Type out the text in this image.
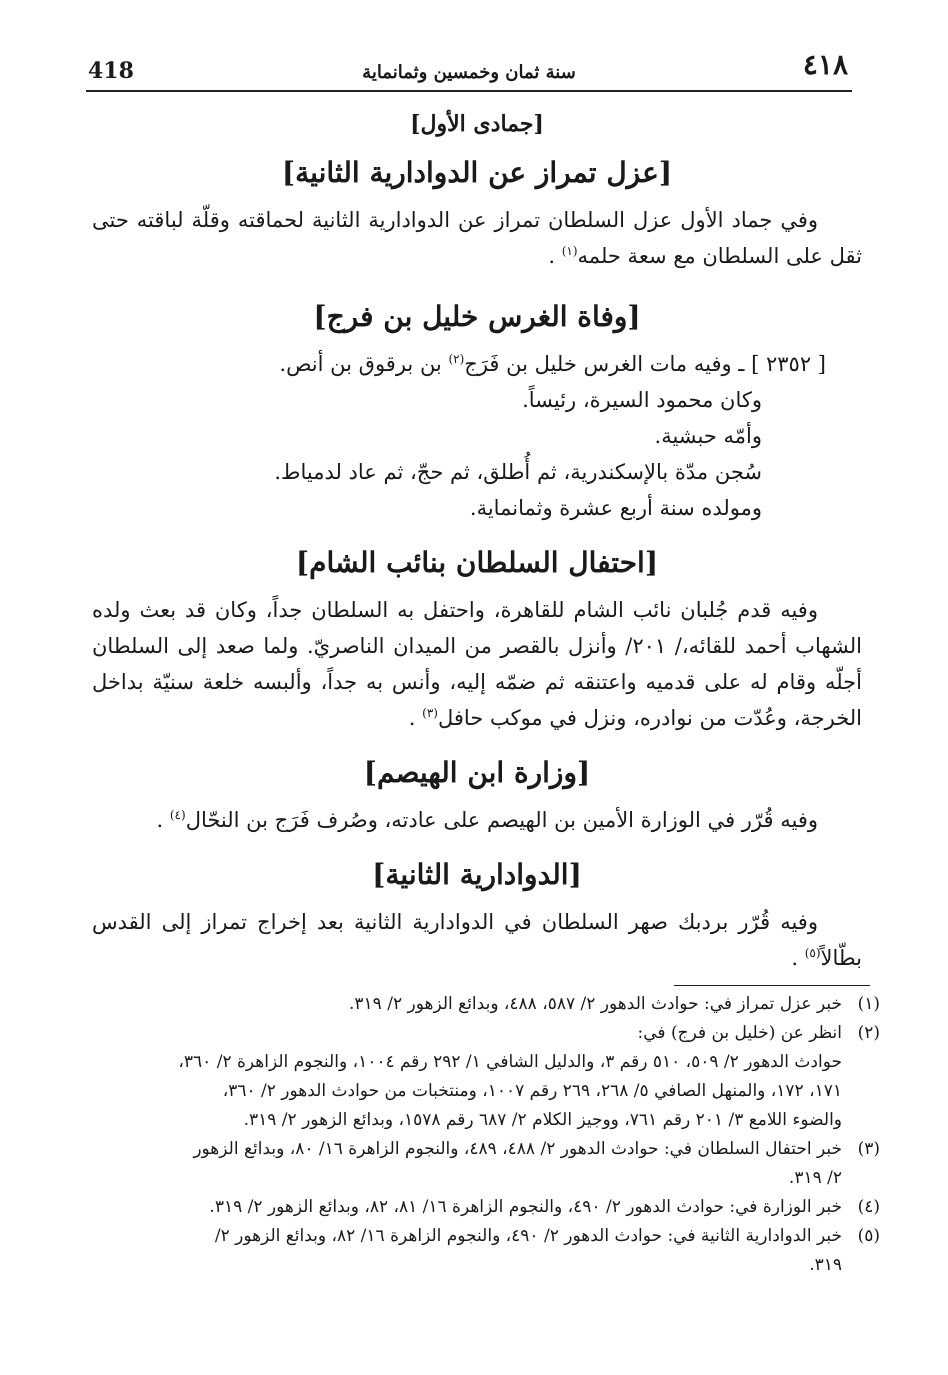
418	سنة ثمان وخمسين وثمانماية	٤١٨
[جمادى الأول]
[عزل تمراز عن الدوادارية الثانية]

وفي جماد الأول عزل السلطان تمراز عن الدوادارية الثانية لحماقته وقلّة لباقته حتى ثقل على السلطان مع سعة حلمه$^{(١)}$ .

[وفاة الغرس خليل بن فرج]

[ ٢٣٥٢ ] ـ وفيه مات الغرس خليل بن فَرَج$^{(٢)}$ بن برقوق بن أنص.

وكان محمود السيرة، رئيساً.

وأمّه حبشية.

سُجن مدّة بالإسكندرية، ثم أُطلق، ثم حجّ، ثم عاد لدمياط.

ومولده سنة أربع عشرة وثمانماية.

[احتفال السلطان بنائب الشام]

وفيه قدم جُلبان نائب الشام للقاهرة، واحتفل به السلطان جداً، وكان قد بعث ولده الشهاب أحمد للقائه،/ ٢٠١/ وأنزل بالقصر من الميدان الناصريّ. ولما صعد إلى السلطان أجلّه وقام له على قدميه واعتنقه ثم ضمّه إليه، وأنس به جداً، وألبسه خلعة سنيّة بداخل الخرجة، وعُدّت من نوادره، ونزل في موكب حافل$^{(٣)}$ .

[وزارة ابن الهيصم]

وفيه قُرّر في الوزارة الأمين بن الهيصم على عادته، وصُرف فَرَج بن النحّال$^{(٤)}$ .

[الدوادارية الثانية]

وفيه قُرّر بردبك صهر السلطان في الدوادارية الثانية بعد إخراج تمراز إلى القدس بطّالاً$^{(٥)}$ .

(١)
خبر عزل تمراز في: حوادث الدهور ٢/ ٥٨٧، ٤٨٨، وبدائع الزهور ٢/ ٣١٩.
(٢)
انظر عن (خليل بن فرج) في:
حوادث الدهور ٢/ ٥٠٩، ٥١٠ رقم ٣، والدليل الشافي ١/ ٢٩٢ رقم ١٠٠٤، والنجوم الزاهرة ٢/ ٣٦٠،
١٧١، ١٧٢، والمنهل الصافي ٥/ ٢٦٨، ٢٦٩ رقم ١٠٠٧، ومنتخبات من حوادث الدهور ٢/ ٣٦٠،
والضوء اللامع ٣/ ٢٠١ رقم ٧٦١، ووجيز الكلام ٢/ ٦٨٧ رقم ١٥٧٨، وبدائع الزهور ٢/ ٣١٩.
(٣)
خبر احتفال السلطان في: حوادث الدهور ٢/ ٤٨٨، ٤٨٩، والنجوم الزاهرة ١٦/ ٨٠، وبدائع الزهور
٢/ ٣١٩.
(٤)
خبر الوزارة في: حوادث الدهور ٢/ ٤٩٠، والنجوم الزاهرة ١٦/ ٨١، ٨٢، وبدائع الزهور ٢/ ٣١٩.
(٥)
خبر الدوادارية الثانية في: حوادث الدهور ٢/ ٤٩٠، والنجوم الزاهرة ١٦/ ٨٢، وبدائع الزهور ٢/
٣١٩.
